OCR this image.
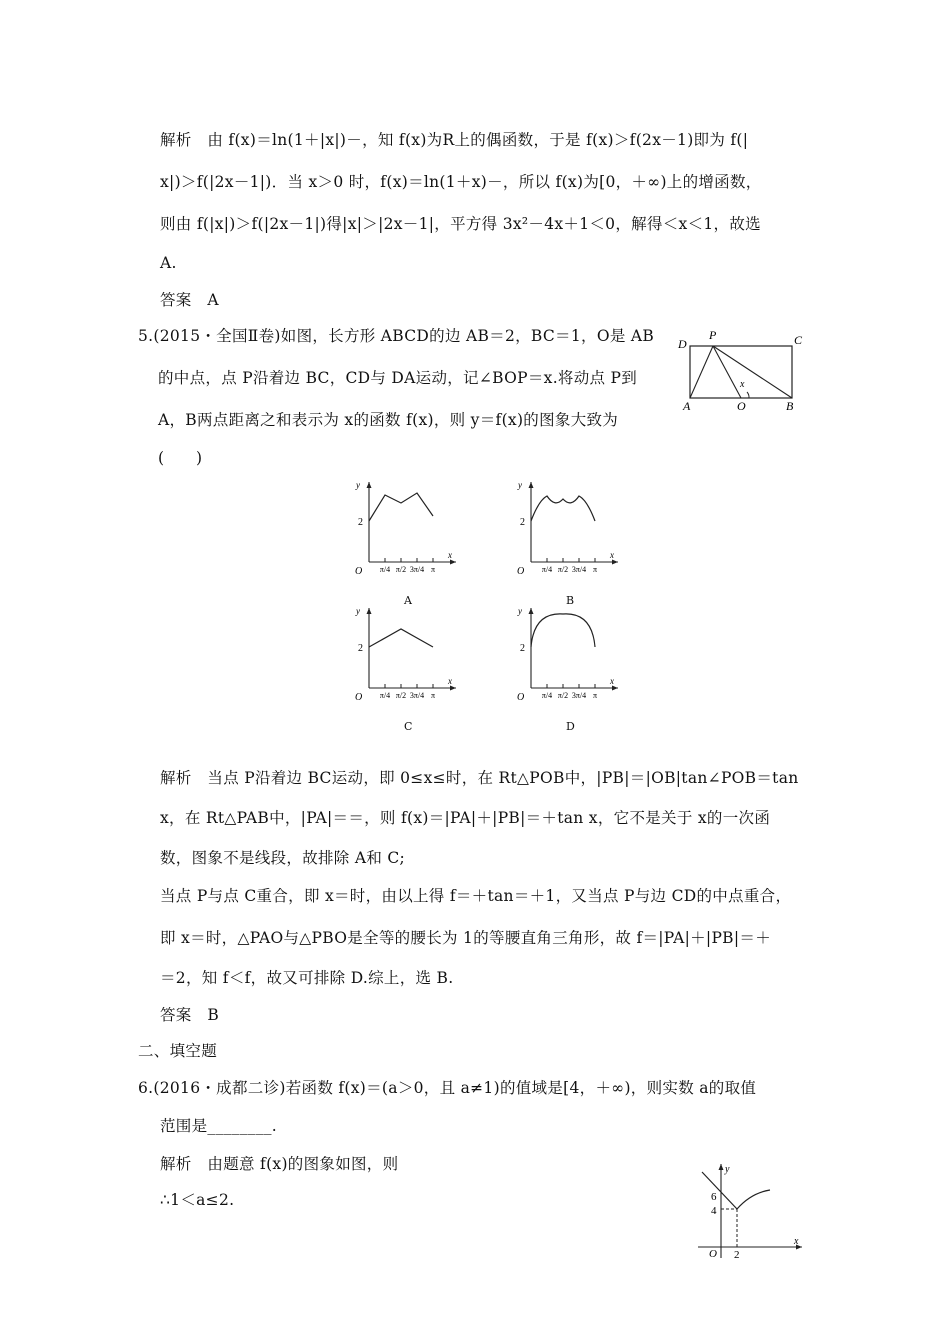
解析　由 f(x)＝ln(1＋|x|)－，知 f(x)为R上的偶函数，于是 f(x)＞f(2x－1)即为 f(|
x|)＞f(|2x－1|)．当 x＞0 时，f(x)＝ln(1＋x)－，所以 f(x)为[0，＋∞)上的增函数，
则由 f(|x|)＞f(|2x－1|)得|x|＞|2x－1|，平方得 3x²－4x＋1＜0，解得＜x＜1，故选
A.
答案　A
5.(2015・全国Ⅱ卷)如图，长方形 ABCD的边 AB＝2，BC＝1，O是 AB
的中点，点 P沿着边 BC，CD与 DA运动，记∠BOP＝x.将动点 P到
A，B两点距离之和表示为 x的函数 f(x)，则 y＝f(x)的图象大致为
(　　)
D
P	C
A	O	B
x
y
x
O
2
π/4 π/2 3π/4 π
A
y
x
O
2
π/4 π/2 3π/4 π
B
y
x
O
2
π/4 π/2 3π/4 π
C
y
x
O
2
π/4 π/2 3π/4 π
D
解析　当点 P沿着边 BC运动，即 0≤x≤时，在 Rt△POB中，|PB|＝|OB|tan∠POB＝tan
x，在 Rt△PAB中，|PA|＝＝，则 f(x)＝|PA|＋|PB|＝＋tan x，它不是关于 x的一次函
数，图象不是线段，故排除 A和 C;
当点 P与点 C重合，即 x＝时，由以上得 f＝＋tan＝＋1，又当点 P与边 CD的中点重合，
即 x＝时，△PAO与△PBO是全等的腰长为 1的等腰直角三角形，故 f＝|PA|＋|PB|＝＋
＝2，知 f＜f，故又可排除 D.综上，选 B.
答案　B
二、填空题
6.(2016・成都二诊)若函数 f(x)＝(a＞0，且 a≠1)的值域是[4，＋∞)，则实数 a的取值
范围是________.
解析　由题意 f(x)的图象如图，则
∴1＜a≤2.
y
x
O
6
4
2
